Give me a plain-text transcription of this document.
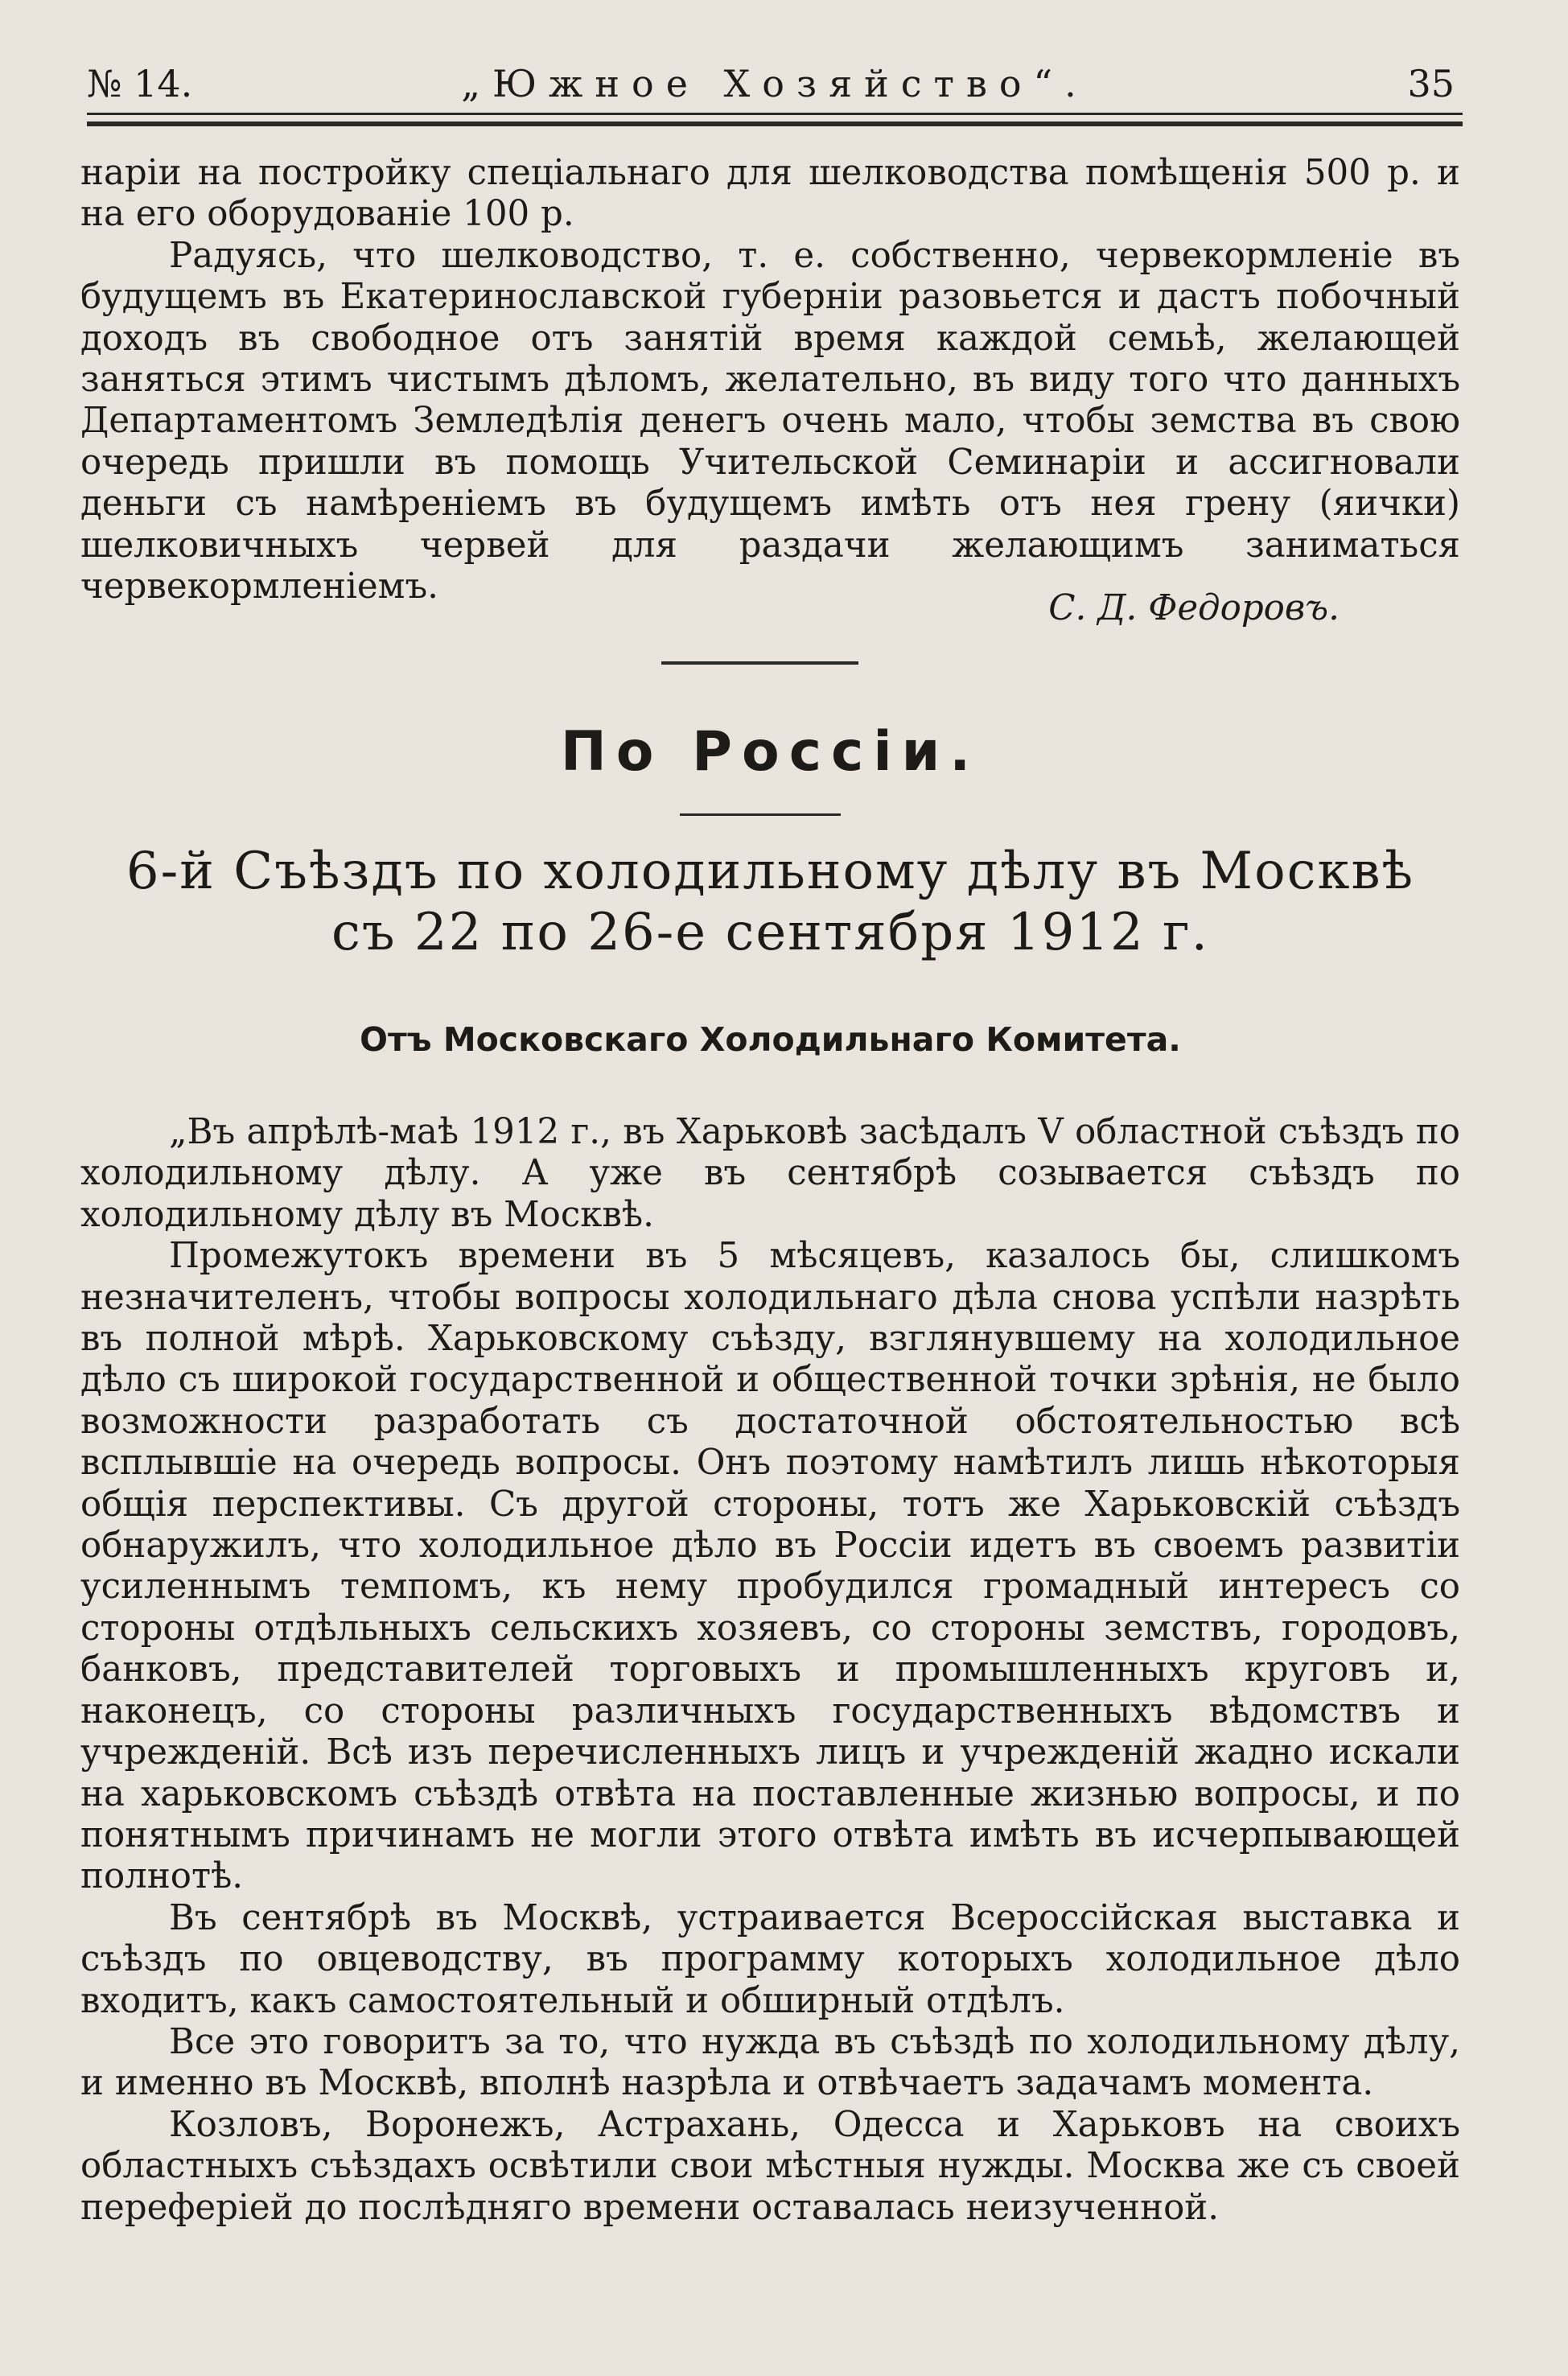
„Южное Хозяйство“.
№ 14.	35

наріи на постройку спеціальнаго для шелководства помѣщенія 500 р. и на его оборудованіе 100 р.

Радуясь, что шелководство, т. е. собственно, червекормленіе въ будущемъ въ Екатеринославской губерніи разовьется и дастъ побочный доходъ въ свободное отъ занятій время каждой семьѣ, желающей заняться этимъ чистымъ дѣломъ, желательно, въ виду того что данныхъ Департаментомъ Земледѣлія денегъ очень мало, чтобы земства въ свою очередь пришли въ помощь Учительской Семинаріи и ассигновали деньги съ намѣреніемъ въ будущемъ имѣть отъ нея грену (яички) шелковичныхъ червей для раздачи желающимъ заниматься червекормленіемъ.

С. Д. Федоровъ.
По Россіи.
6-й Съѣздъ по холодильному дѣлу въ Москвѣ
съ 22 по 26-е сентября 1912 г.
Отъ Московскаго Холодильнаго Комитета.

„Въ апрѣлѣ-маѣ 1912 г., въ Харьковѣ засѣдалъ V областной съѣздъ по холодильному дѣлу. А уже въ сентябрѣ созывается съѣздъ по холодильному дѣлу въ Москвѣ.

Промежутокъ времени въ 5 мѣсяцевъ, казалось бы, слишкомъ незначителенъ, чтобы вопросы холодильнаго дѣла снова успѣли назрѣть въ полной мѣрѣ. Харьковскому съѣзду, взглянувшему на холодильное дѣло съ широкой государственной и общественной точки зрѣнія, не было возможности разработать съ достаточной обстоятельностью всѣ всплывшіе на очередь вопросы. Онъ поэтому намѣтилъ лишь нѣкоторыя общія перспективы. Съ другой стороны, тотъ же Харьковскій съѣздъ обнаружилъ, что холодильное дѣло въ Россіи идетъ въ своемъ развитіи усиленнымъ темпомъ, къ нему пробудился громадный интересъ со стороны отдѣльныхъ сельскихъ хозяевъ, со стороны земствъ, городовъ, банковъ, представителей торговыхъ и промышленныхъ круговъ и, наконецъ, со стороны различныхъ государственныхъ вѣдомствъ и учрежденій. Всѣ изъ перечисленныхъ лицъ и учрежденій жадно искали на харьковскомъ съѣздѣ отвѣта на поставленные жизнью вопросы, и по понятнымъ причинамъ не могли этого отвѣта имѣть въ исчерпывающей полнотѣ.

Въ сентябрѣ въ Москвѣ, устраивается Всероссійская выставка и съѣздъ по овцеводству, въ программу которыхъ холодильное дѣло входитъ, какъ самостоятельный и обширный отдѣлъ.

Все это говоритъ за то, что нужда въ съѣздѣ по холодильному дѣлу, и именно въ Москвѣ, вполнѣ назрѣла и отвѣчаетъ задачамъ момента.

Козловъ, Воронежъ, Астрахань, Одесса и Харьковъ на своихъ областныхъ съѣздахъ освѣтили свои мѣстныя нужды. Москва же съ своей переферіей до послѣдняго времени оставалась неизученной.
